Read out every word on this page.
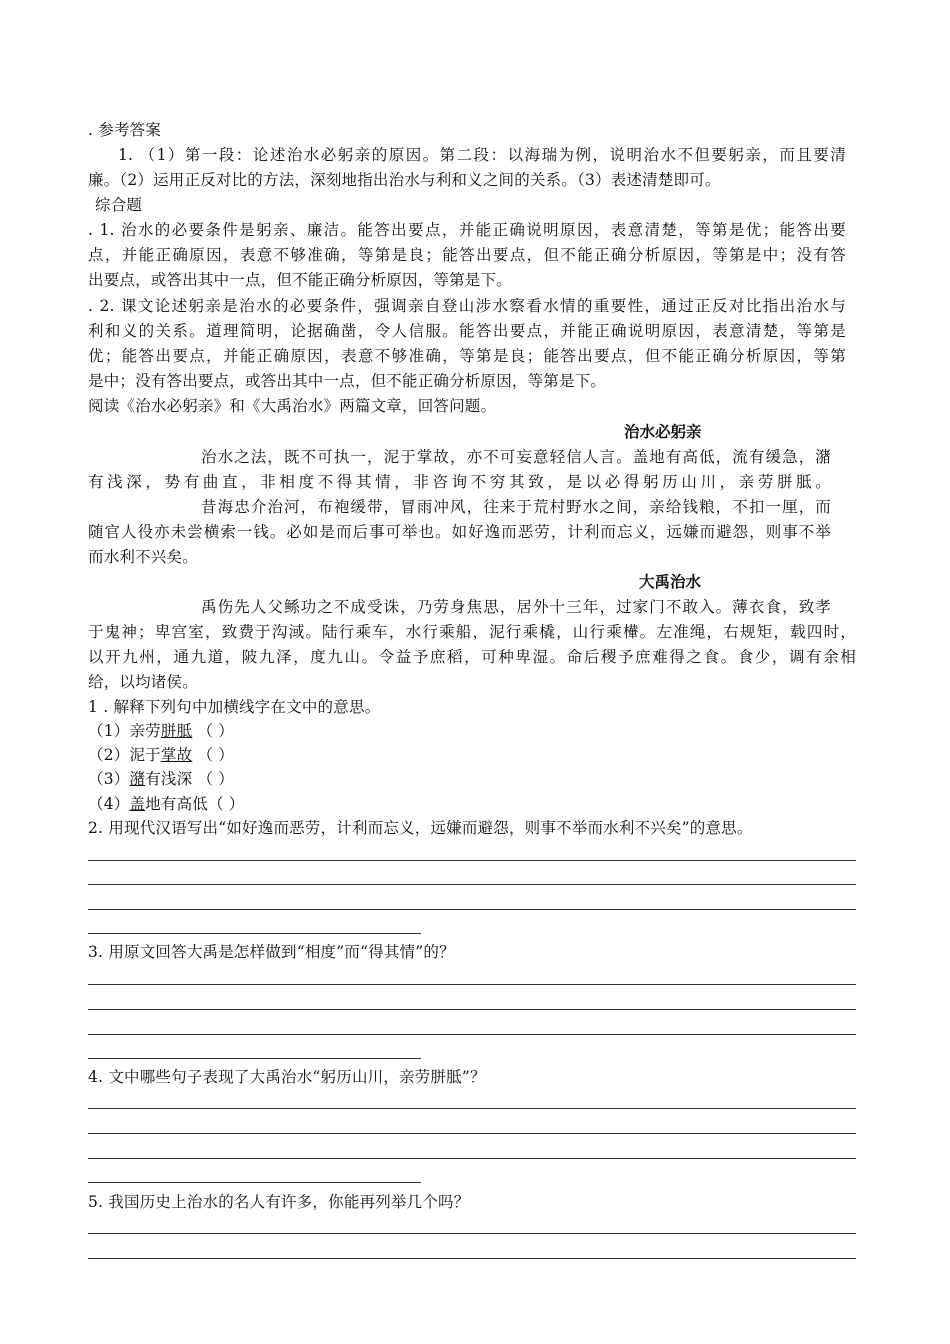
. 参考答案
1. （1）第一段：论述治水必躬亲的原因。第二段：以海瑞为例，说明治水不但要躬亲，而且要清
廉。（2）运用正反对比的方法，深刻地指出治水与利和义之间的关系。（3）表述清楚即可。
综合题
. 1. 治水的必要条件是躬亲、廉洁。能答出要点，并能正确说明原因，表意清楚，等第是优；能答出要
点，并能正确原因，表意不够准确，等第是良；能答出要点，但不能正确分析原因，等第是中；没有答
出要点，或答出其中一点，但不能正确分析原因，等第是下。
. 2. 课文论述躬亲是治水的必要条件，强调亲自登山涉水察看水情的重要性，通过正反对比指出治水与
利和义的关系。道理简明，论据确凿，令人信服。能答出要点，并能正确说明原因，表意清楚，等第是
优；能答出要点，并能正确原因，表意不够准确，等第是良；能答出要点，但不能正确分析原因，等第
是中；没有答出要点，或答出其中一点，但不能正确分析原因，等第是下。
阅读《治水必躬亲》和《大禹治水》两篇文章，回答问题。
治水必躬亲
治水之法，既不可执一，泥于掌故，亦不可妄意轻信人言。盖地有高低，流有缓急，潴
有浅深，势有曲直，非相度不得其情，非咨询不穷其致，是以必得躬历山川，亲劳胼胝。
昔海忠介治河，布袍缓带，冒雨冲风，往来于荒村野水之间，亲给钱粮，不扣一厘，而
随官人役亦未尝横索一钱。必如是而后事可举也。如好逸而恶劳，计利而忘义，远嫌而避怨，则事不举
而水利不兴矣。
大禹治水
禹伤先人父鲧功之不成受诛，乃劳身焦思，居外十三年，过家门不敢入。薄衣食，致孝
于鬼神；卑宫室，致费于沟淢。陆行乘车，水行乘船，泥行乘橇，山行乘檋。左准绳，右规矩，载四时，
以开九州，通九道，陂九泽，度九山。令益予庶稻，可种卑湿。命后稷予庶难得之食。食少，调有余相
给，以均诸侯。
1 . 解释下列句中加横线字在文中的意思。
（1）亲劳胼胝 （ ）
（2）泥于掌故 （ ）
（3）潴有浅深 （ ）
（4）盖地有高低（ ）
2. 用现代汉语写出“如好逸而恶劳，计利而忘义，远嫌而避怨，则事不举而水利不兴矣”的意思。
3. 用原文回答大禹是怎样做到“相度”而“得其情”的？
4. 文中哪些句子表现了大禹治水“躬历山川，亲劳胼胝”？
5. 我国历史上治水的名人有许多，你能再列举几个吗？
